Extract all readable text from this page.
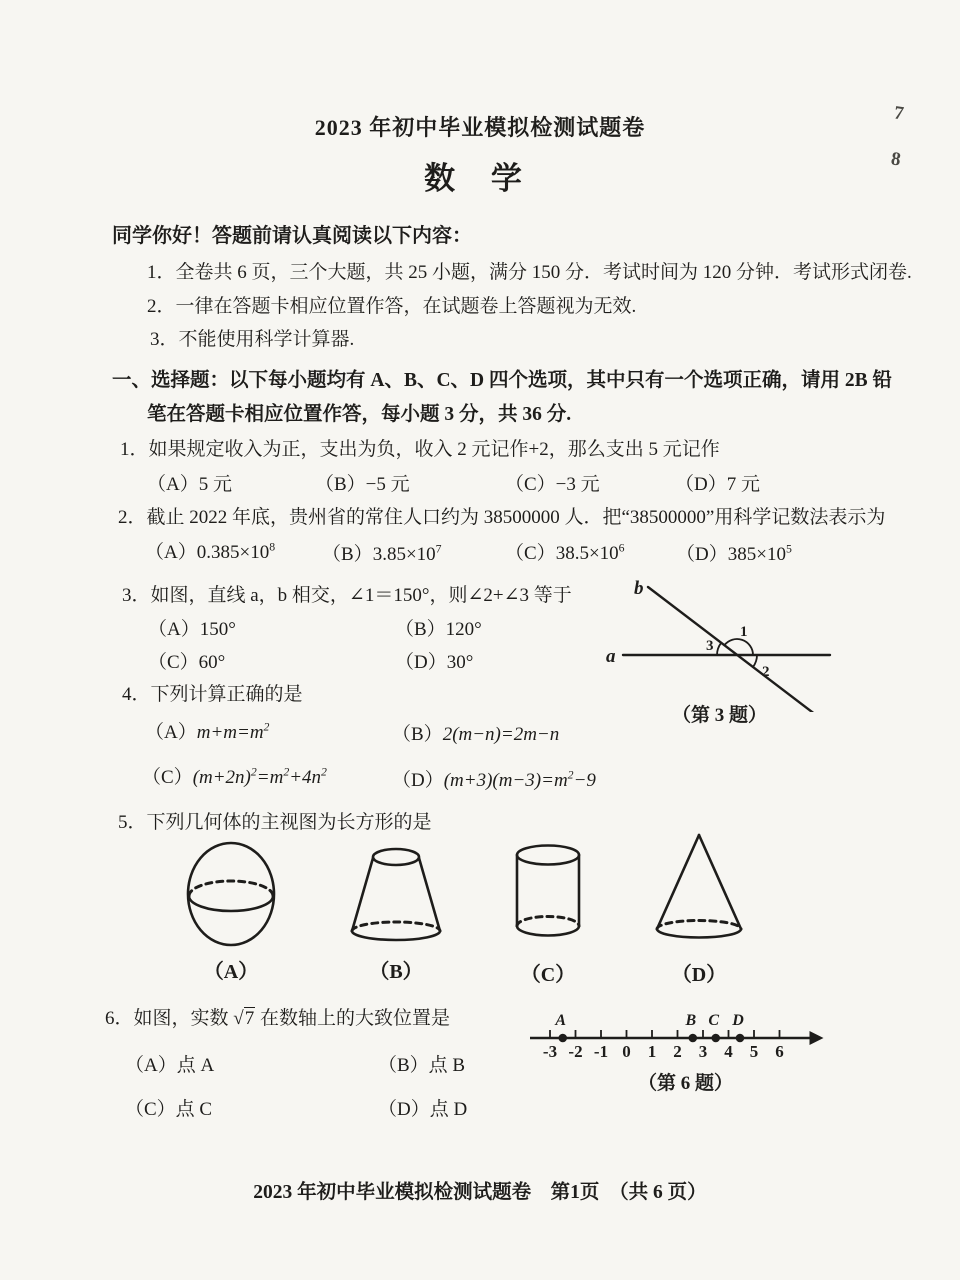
2023 年初中毕业模拟检测试题卷
数 学
7
8
同学你好！答题前请认真阅读以下内容：
1．全卷共 6 页，三个大题，共 25 小题，满分 150 分．考试时间为 120 分钟．考试形式闭卷.
2．一律在答题卡相应位置作答，在试题卷上答题视为无效.
3．不能使用科学计算器.
一、选择题：以下每小题均有 A、B、C、D 四个选项，其中只有一个选项正确，请用 2B 铅
笔在答题卡相应位置作答，每小题 3 分，共 36 分.
1．如果规定收入为正，支出为负，收入 2 元记作+2，那么支出 5 元记作
（A）5 元	（B）−5 元	（C）−3 元	（D）7 元
2．截止 2022 年底，贵州省的常住人口约为 38500000 人．把“38500000”用科学记数法表示为
$(A)0.385\times 10^8$ $(B)3.85\times 10^7$	$(C)38.5\times 10^6$	$(D)385\times 10^5$
3．如图，直线 a，b 相交，∠1＝150°，则∠2+∠3 等于
（A）150°	（B）120°
（C）60°	（D）30°
b
a	3
1
2
（第 3 题）
4．下列计算正确的是
$(A)m+m=m^2$	（B）2(m−n)=2m−n
$(C)(m+2n)^2=m^2+4n^2$	$(D)(m+3)(m-3)=m^2-9$
5．下列几何体的主视图为长方形的是
（A）	（B）	（C）	（D）
6．如图，实数 √7 在数轴上的大致位置是
（A）点 A	（B）点 B
（C）点 C	（D）点 D
-3 -2 -1 0 1 2 3 4 5 6
A	B C D
（第 6 题）
2023 年初中毕业模拟检测试题卷　第1页　（共 6 页）
